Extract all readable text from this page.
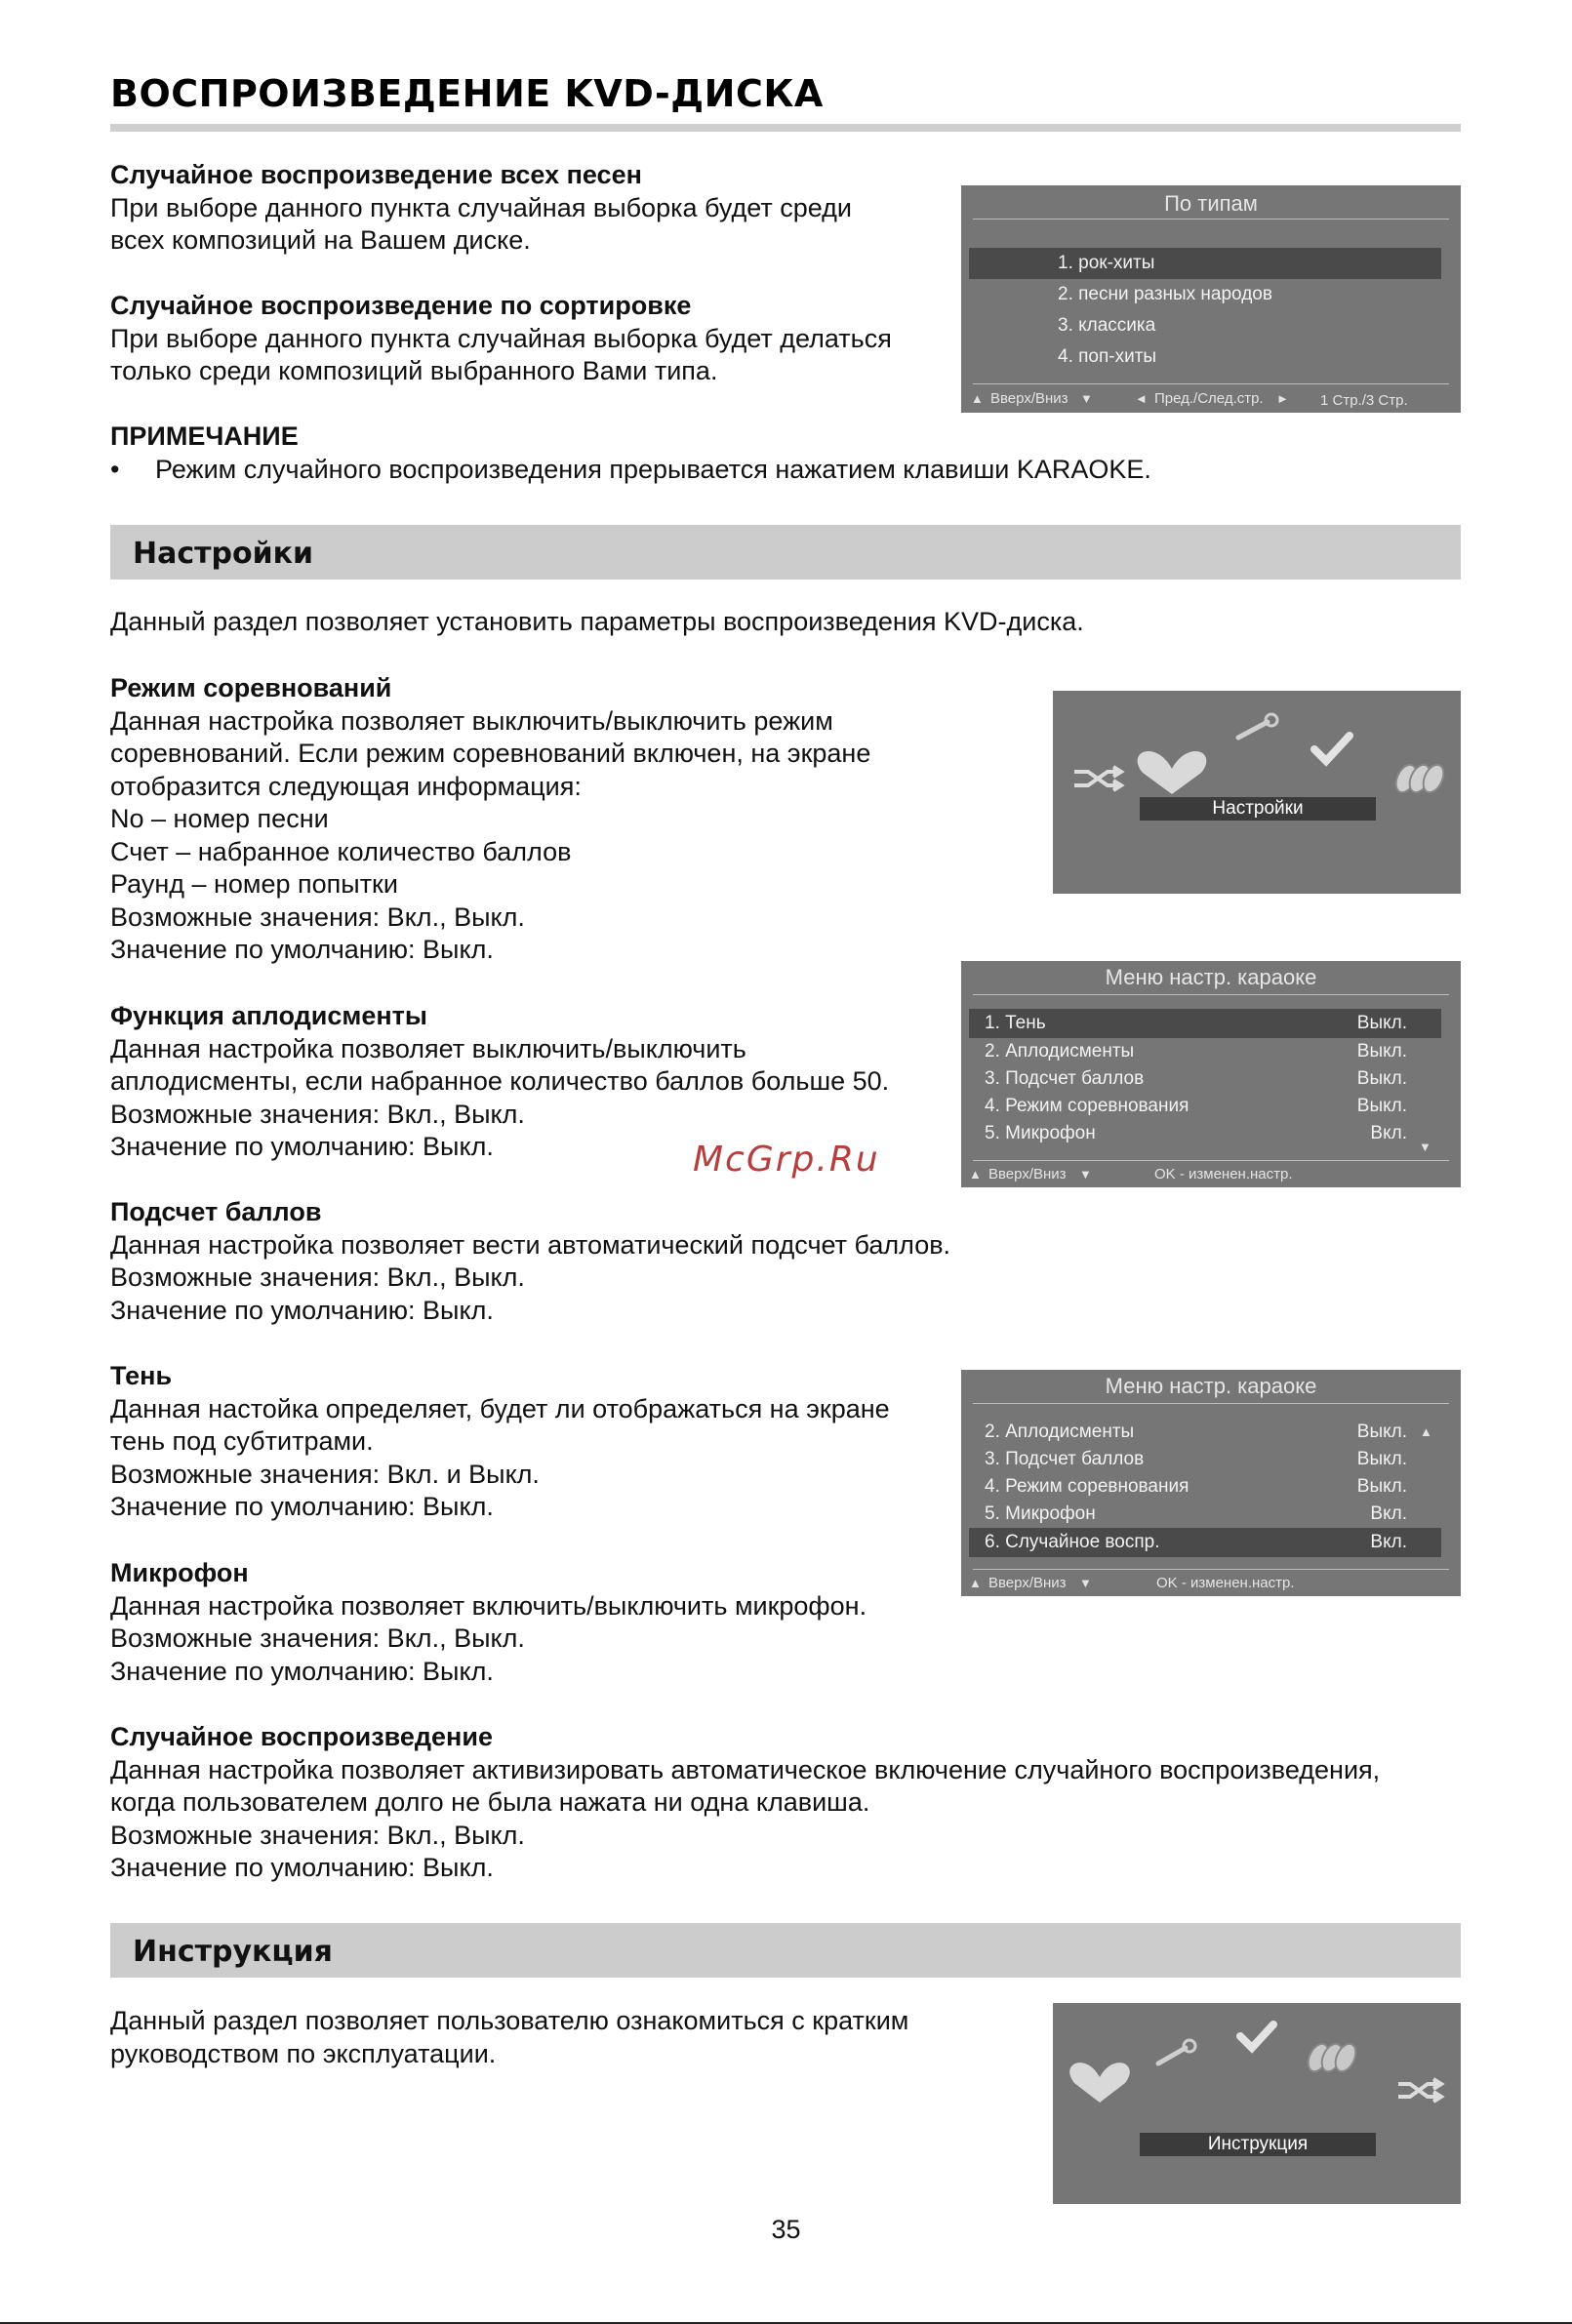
ВОСПРОИЗВЕДЕНИЕ KVD-ДИСКА
Случайное воспроизведение всех песен
При выборе данного пункта случайная выборка будет среди
всех композиций на Вашем диске.
Случайное воспроизведение по сортировке
При выборе данного пункта случайная выборка будет делаться
только среди композиций выбранного Вами типа.
ПРИМЕЧАНИЕ
• Режим случайного воспроизведения прерывается нажатием клавиши KARAOKE.
По типам
1. рок-хиты
2. песни разных народов
3. классика
4. поп-хиты
▲ Вверх/Вниз ▼	◄ Пред./След.стр. ► 1 Стр./3 Стр.
Настройки
Данный раздел позволяет установить параметры воспроизведения KVD-диска.
Режим соревнований
Данная настройка позволяет выключить/выключить режим
соревнований. Если режим соревнований включен, на экране
отобразится следующая информация:
No – номер песни
Счет – набранное количество баллов
Раунд – номер попытки
Возможные значения: Вкл., Выкл.
Значение по умолчанию: Выкл.
Настройки
Меню настр. караоке
1. Тень	Выкл.
2. Аплодисменты	Выкл.
3. Подсчет баллов	Выкл.
4. Режим соревнования	Выкл.
5. Микрофон	Вкл.
▼
▲ Вверх/Вниз ▼	OK - изменен.настр.
Функция аплодисменты
Данная настройка позволяет выключить/выключить
аплодисменты, если набранное количество баллов больше 50.
Возможные значения: Вкл., Выкл.
Значение по умолчанию: Выкл.	McGrp.Ru
Подсчет баллов
Данная настройка позволяет вести автоматический подсчет баллов.
Возможные значения: Вкл., Выкл.
Значение по умолчанию: Выкл.
Тень
Данная настойка определяет, будет ли отображаться на экране
тень под субтитрами.
Возможные значения: Вкл. и Выкл.
Значение по умолчанию: Выкл.
Меню настр. караоке
2. Аплодисменты	Выкл. ▲
3. Подсчет баллов	Выкл.
4. Режим соревнования	Выкл.
5. Микрофон	Вкл.
6. Случайное воспр.	Вкл.
▲ Вверх/Вниз ▼	OK - изменен.настр.
Микрофон
Данная настройка позволяет включить/выключить микрофон.
Возможные значения: Вкл., Выкл.
Значение по умолчанию: Выкл.
Случайное воспроизведение
Данная настройка позволяет активизировать автоматическое включение случайного воспроизведения,
когда пользователем долго не была нажата ни одна клавиша.
Возможные значения: Вкл., Выкл.
Значение по умолчанию: Выкл.
Инструкция
Данный раздел позволяет пользователю ознакомиться с кратким
руководством по эксплуатации.
Инструкция
35
